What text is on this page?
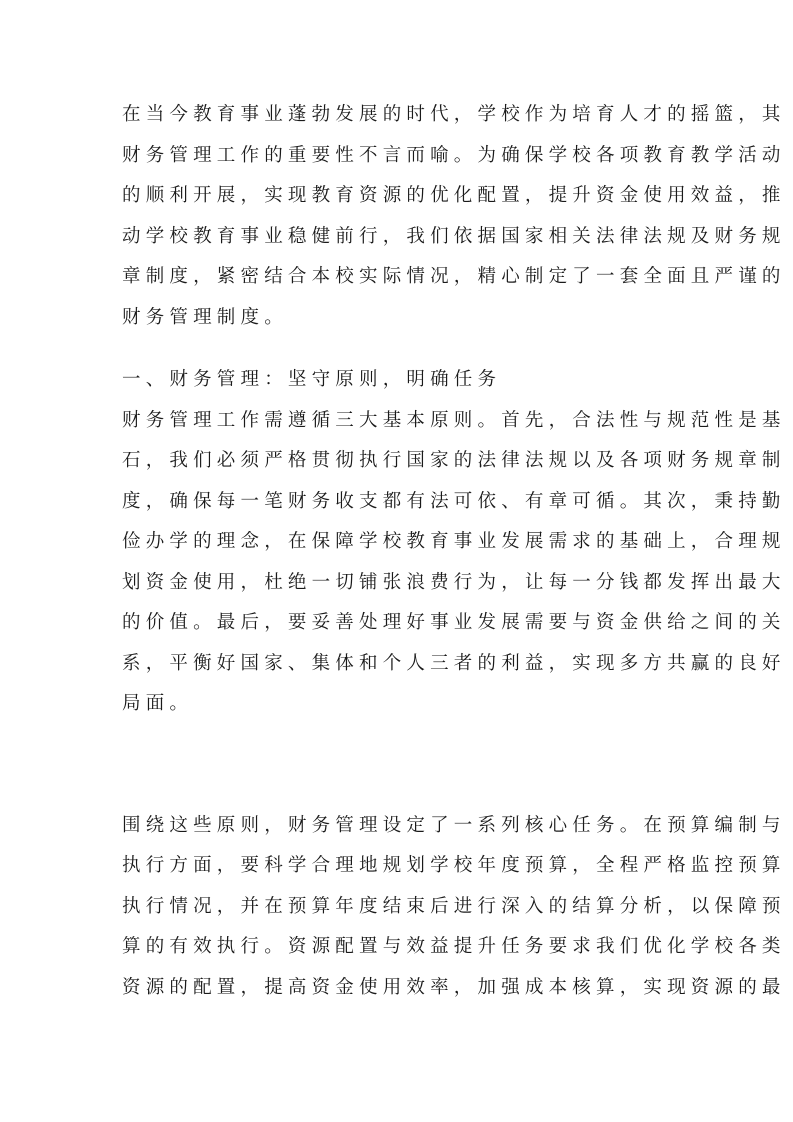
在当今教育事业蓬勃发展的时代，学校作为培育人才的摇篮，其
财务管理工作的重要性不言而喻。为确保学校各项教育教学活动
的顺利开展，实现教育资源的优化配置，提升资金使用效益，推
动学校教育事业稳健前行，我们依据国家相关法律法规及财务规
章制度，紧密结合本校实际情况，精心制定了一套全面且严谨的
财务管理制度。
一、财务管理：坚守原则，明确任务
财务管理工作需遵循三大基本原则。首先，合法性与规范性是基
石，我们必须严格贯彻执行国家的法律法规以及各项财务规章制
度，确保每一笔财务收支都有法可依、有章可循。其次，秉持勤
俭办学的理念，在保障学校教育事业发展需求的基础上，合理规
划资金使用，杜绝一切铺张浪费行为，让每一分钱都发挥出最大
的价值。最后，要妥善处理好事业发展需要与资金供给之间的关
系，平衡好国家、集体和个人三者的利益，实现多方共赢的良好
局面。
围绕这些原则，财务管理设定了一系列核心任务。在预算编制与
执行方面，要科学合理地规划学校年度预算，全程严格监控预算
执行情况，并在预算年度结束后进行深入的结算分析，以保障预
算的有效执行。资源配置与效益提升任务要求我们优化学校各类
资源的配置，提高资金使用效率，加强成本核算，实现资源的最
